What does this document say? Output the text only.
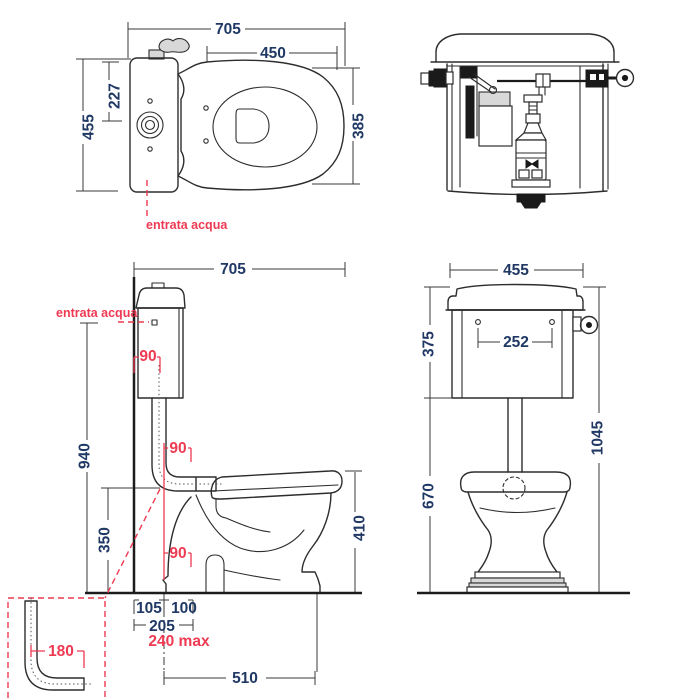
705
450
455
227
385
entrata acqua
705
940
350	410
105 100
205
240 max
510
entrata acqua
90
90
90
180
455
375	252
670
1045
